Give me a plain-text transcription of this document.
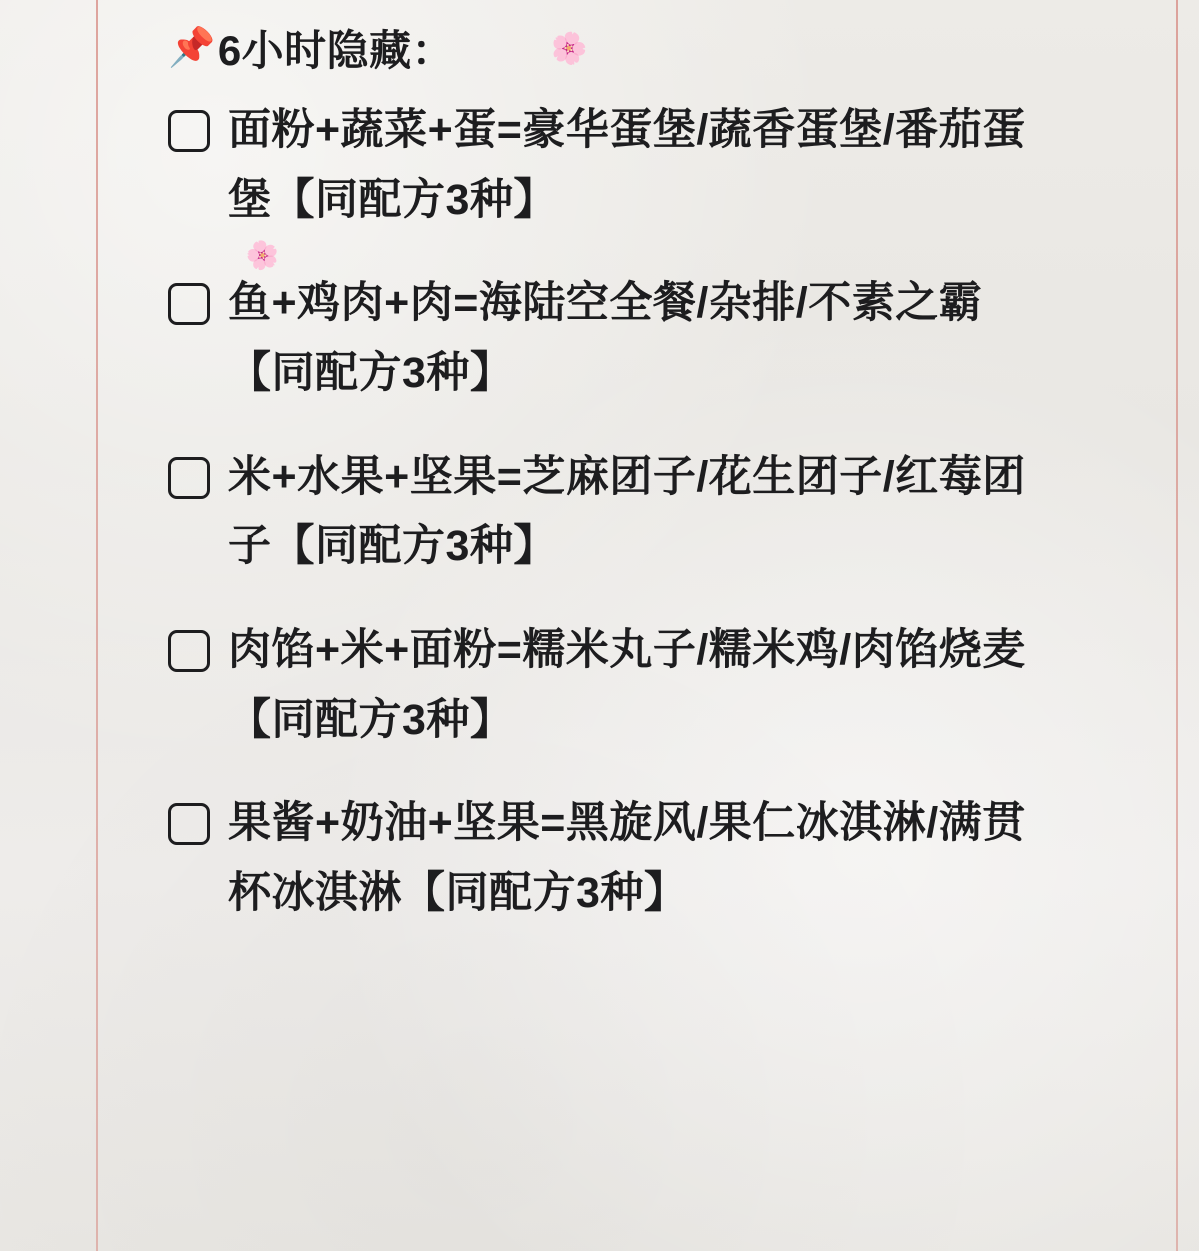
📌 6小时隐藏：	🌸
面粉+蔬菜+蛋=豪华蛋堡/蔬香蛋堡/番茄蛋堡【同配方3种】
🌸
鱼+鸡肉+肉=海陆空全餐/杂排/不素之霸【同配方3种】
米+水果+坚果=芝麻团子/花生团子/红莓团子【同配方3种】
肉馅+米+面粉=糯米丸子/糯米鸡/肉馅烧麦【同配方3种】
果酱+奶油+坚果=黑旋风/果仁冰淇淋/满贯杯冰淇淋【同配方3种】
